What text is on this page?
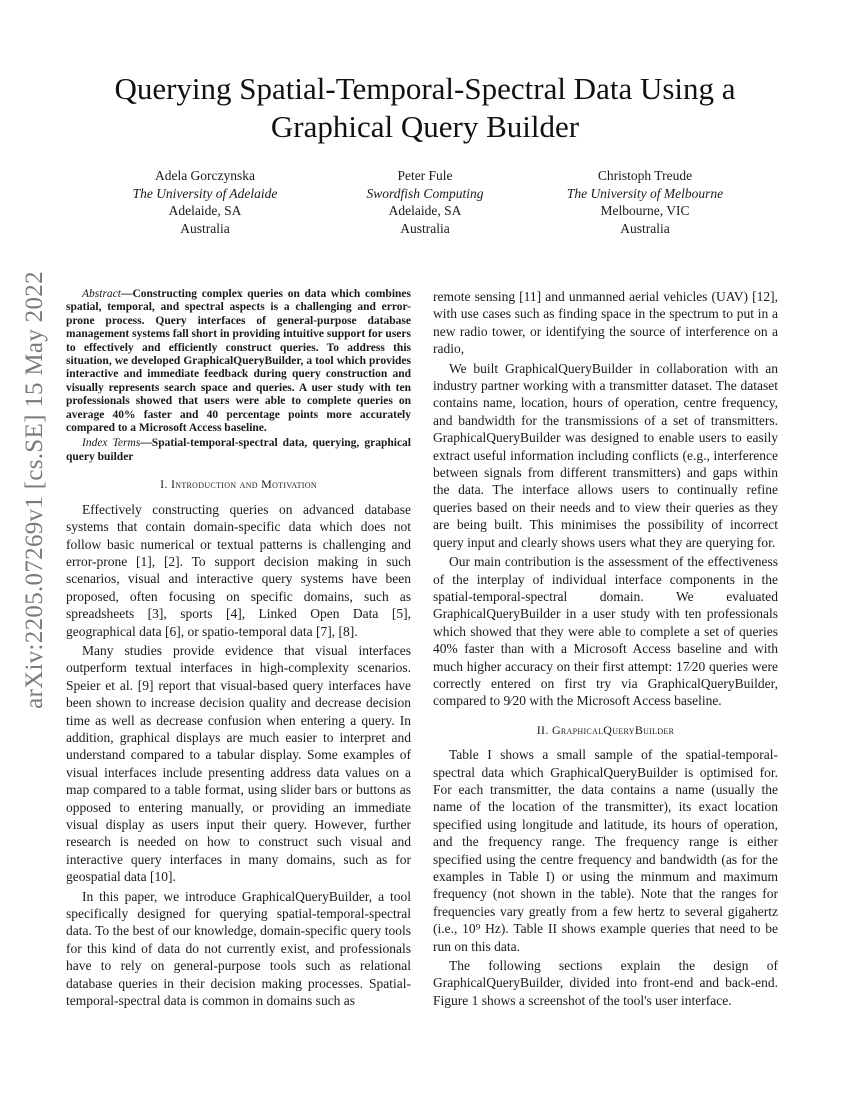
arXiv:2205.07269v1 [cs.SE] 15 May 2022
Querying Spatial-Temporal-Spectral Data Using a Graphical Query Builder
Adela Gorczynska
The University of Adelaide
Adelaide, SA
Australia
Peter Fule
Swordfish Computing
Adelaide, SA
Australia
Christoph Treude
The University of Melbourne
Melbourne, VIC
Australia

Abstract—Constructing complex queries on data which combines spatial, temporal, and spectral aspects is a challenging and error-prone process. Query interfaces of general-purpose database management systems fall short in providing intuitive support for users to effectively and efficiently construct queries. To address this situation, we developed GraphicalQueryBuilder, a tool which provides interactive and immediate feedback during query construction and visually represents search space and queries. A user study with ten professionals showed that users were able to complete queries on average 40% faster and 40 percentage points more accurately compared to a Microsoft Access baseline.

Index Terms—Spatial-temporal-spectral data, querying, graphical query builder

I. Introduction and Motivation

Effectively constructing queries on advanced database systems that contain domain-specific data which does not follow basic numerical or textual patterns is challenging and error-prone [1], [2]. To support decision making in such scenarios, visual and interactive query systems have been proposed, often focusing on specific domains, such as spreadsheets [3], sports [4], Linked Open Data [5], geographical data [6], or spatio-temporal data [7], [8].

Many studies provide evidence that visual interfaces outperform textual interfaces in high-complexity scenarios. Speier et al. [9] report that visual-based query interfaces have been shown to increase decision quality and decrease decision time as well as decrease confusion when entering a query. In addition, graphical displays are much easier to interpret and understand compared to a tabular display. Some examples of visual interfaces include presenting address data values on a map compared to a table format, using slider bars or buttons as opposed to entering manually, or providing an immediate visual display as users input their query. However, further research is needed on how to construct such visual and interactive query interfaces in many domains, such as for geospatial data [10].

In this paper, we introduce GraphicalQueryBuilder, a tool specifically designed for querying spatial-temporal-spectral data. To the best of our knowledge, domain-specific query tools for this kind of data do not currently exist, and professionals have to rely on general-purpose tools such as relational database queries in their decision making processes. Spatial-temporal-spectral data is common in domains such as

remote sensing [11] and unmanned aerial vehicles (UAV) [12], with use cases such as finding space in the spectrum to put in a new radio tower, or identifying the source of interference on a radio,

We built GraphicalQueryBuilder in collaboration with an industry partner working with a transmitter dataset. The dataset contains name, location, hours of operation, centre frequency, and bandwidth for the transmissions of a set of transmitters. GraphicalQueryBuilder was designed to enable users to easily extract useful information including conflicts (e.g., interference between signals from different transmitters) and gaps within the data. The interface allows users to continually refine queries based on their needs and to view their queries as they are being built. This minimises the possibility of incorrect query input and clearly shows users what they are querying for.

Our main contribution is the assessment of the effectiveness of the interplay of individual interface components in the spatial-temporal-spectral domain. We evaluated GraphicalQueryBuilder in a user study with ten professionals which showed that they were able to complete a set of queries 40% faster than with a Microsoft Access baseline and with much higher accuracy on their first attempt: 17⁄20 queries were correctly entered on first try via GraphicalQueryBuilder, compared to 9⁄20 with the Microsoft Access baseline.

II. GraphicalQueryBuilder

Table I shows a small sample of the spatial-temporal-spectral data which GraphicalQueryBuilder is optimised for. For each transmitter, the data contains a name (usually the name of the location of the transmitter), its exact location specified using longitude and latitude, its hours of operation, and the frequency range. The frequency range is either specified using the centre frequency and bandwidth (as for the examples in Table I) or using the minmum and maximum frequency (not shown in the table). Note that the ranges for frequencies vary greatly from a few hertz to several gigahertz (i.e., 10⁹ Hz). Table II shows example queries that need to be run on this data.

The following sections explain the design of GraphicalQueryBuilder, divided into front-end and back-end. Figure 1 shows a screenshot of the tool's user interface.
